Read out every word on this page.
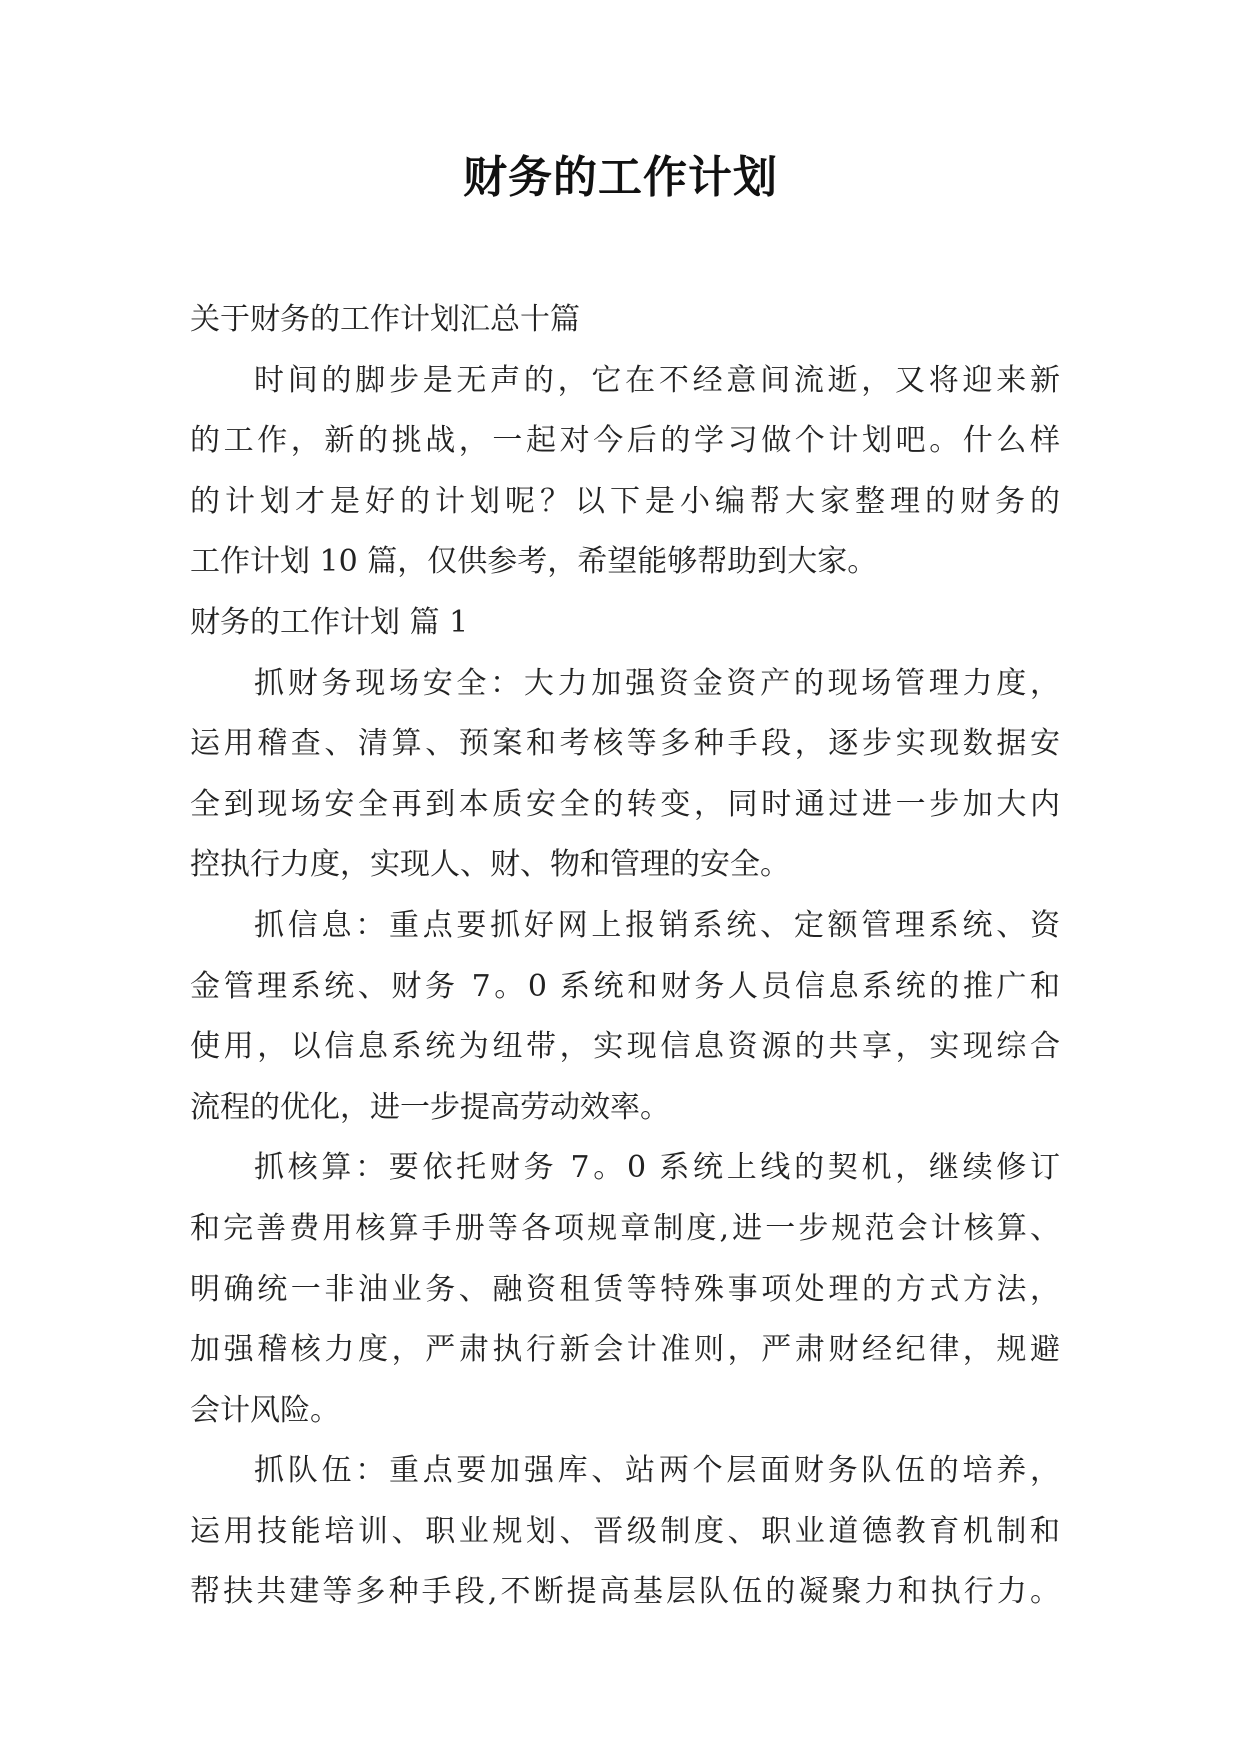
财务的工作计划
关于财务的工作计划汇总十篇
时间的脚步是无声的，它在不经意间流逝，又将迎来新
的工作，新的挑战，一起对今后的学习做个计划吧。什么样
的计划才是好的计划呢？以下是小编帮大家整理的财务的
工作计划 10 篇，仅供参考，希望能够帮助到大家。
财务的工作计划 篇 1
抓财务现场安全：大力加强资金资产的现场管理力度，
运用稽查、清算、预案和考核等多种手段，逐步实现数据安
全到现场安全再到本质安全的转变，同时通过进一步加大内
控执行力度，实现人、财、物和管理的安全。
抓信息：重点要抓好网上报销系统、定额管理系统、资
金管理系统、财务 7。0 系统和财务人员信息系统的推广和
使用，以信息系统为纽带，实现信息资源的共享，实现综合
流程的优化，进一步提高劳动效率。
抓核算：要依托财务 7。0 系统上线的契机，继续修订
和完善费用核算手册等各项规章制度,进一步规范会计核算、
明确统一非油业务、融资租赁等特殊事项处理的方式方法，
加强稽核力度，严肃执行新会计准则，严肃财经纪律，规避
会计风险。
抓队伍：重点要加强库、站两个层面财务队伍的培养，
运用技能培训、职业规划、晋级制度、职业道德教育机制和
帮扶共建等多种手段,不断提高基层队伍的凝聚力和执行力。
